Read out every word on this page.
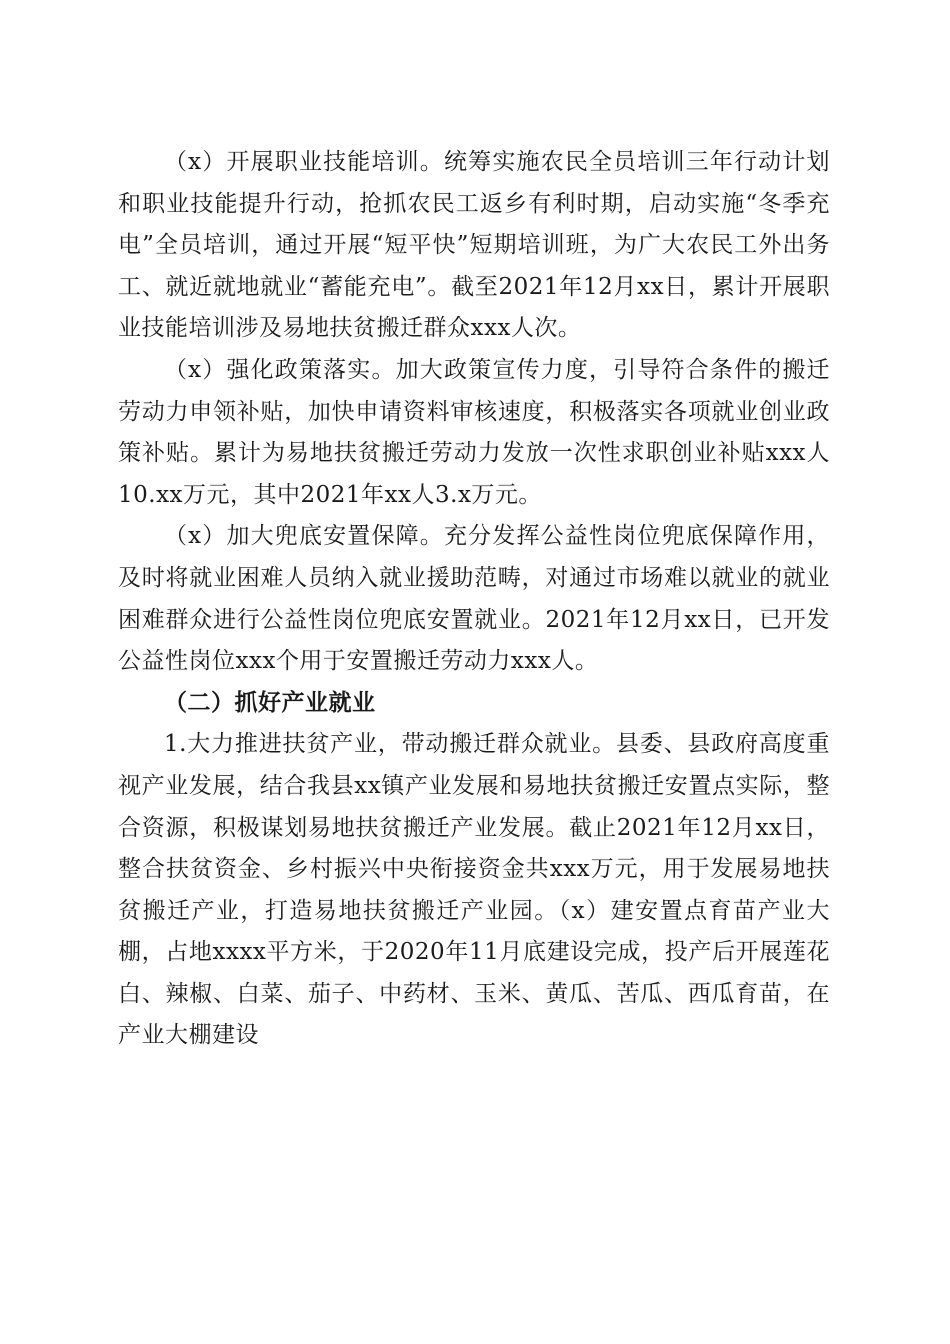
（x）开展职业技能培训。统筹实施农民全员培训三年行动计划和职业技能提升行动，抢抓农民工返乡有利时期，启动实施“冬季充电”全员培训，通过开展“短平快”短期培训班，为广大农民工外出务工、就近就地就业“蓄能充电”。截至2021年12月xx日，累计开展职业技能培训涉及易地扶贫搬迁群众xxx人次。

（x）强化政策落实。加大政策宣传力度，引导符合条件的搬迁劳动力申领补贴，加快申请资料审核速度，积极落实各项就业创业政策补贴。累计为易地扶贫搬迁劳动力发放一次性求职创业补贴xxx人10.xx万元，其中2021年xx人3.x万元。

（x）加大兜底安置保障。充分发挥公益性岗位兜底保障作用，及时将就业困难人员纳入就业援助范畴，对通过市场难以就业的就业困难群众进行公益性岗位兜底安置就业。2021年12月xx日，已开发公益性岗位xxx个用于安置搬迁劳动力xxx人。

（二）抓好产业就业

1.大力推进扶贫产业，带动搬迁群众就业。县委、县政府高度重视产业发展，结合我县xx镇产业发展和易地扶贫搬迁安置点实际，整合资源，积极谋划易地扶贫搬迁产业发展。截止2021年12月xx日，整合扶贫资金、乡村振兴中央衔接资金共xxx万元，用于发展易地扶贫搬迁产业，打造易地扶贫搬迁产业园。（x）建安置点育苗产业大棚，占地xxxx平方米，于2020年11月底建设完成，投产后开展莲花白、辣椒、白菜、茄子、中药材、玉米、黄瓜、苦瓜、西瓜育苗，在产业大棚建设
